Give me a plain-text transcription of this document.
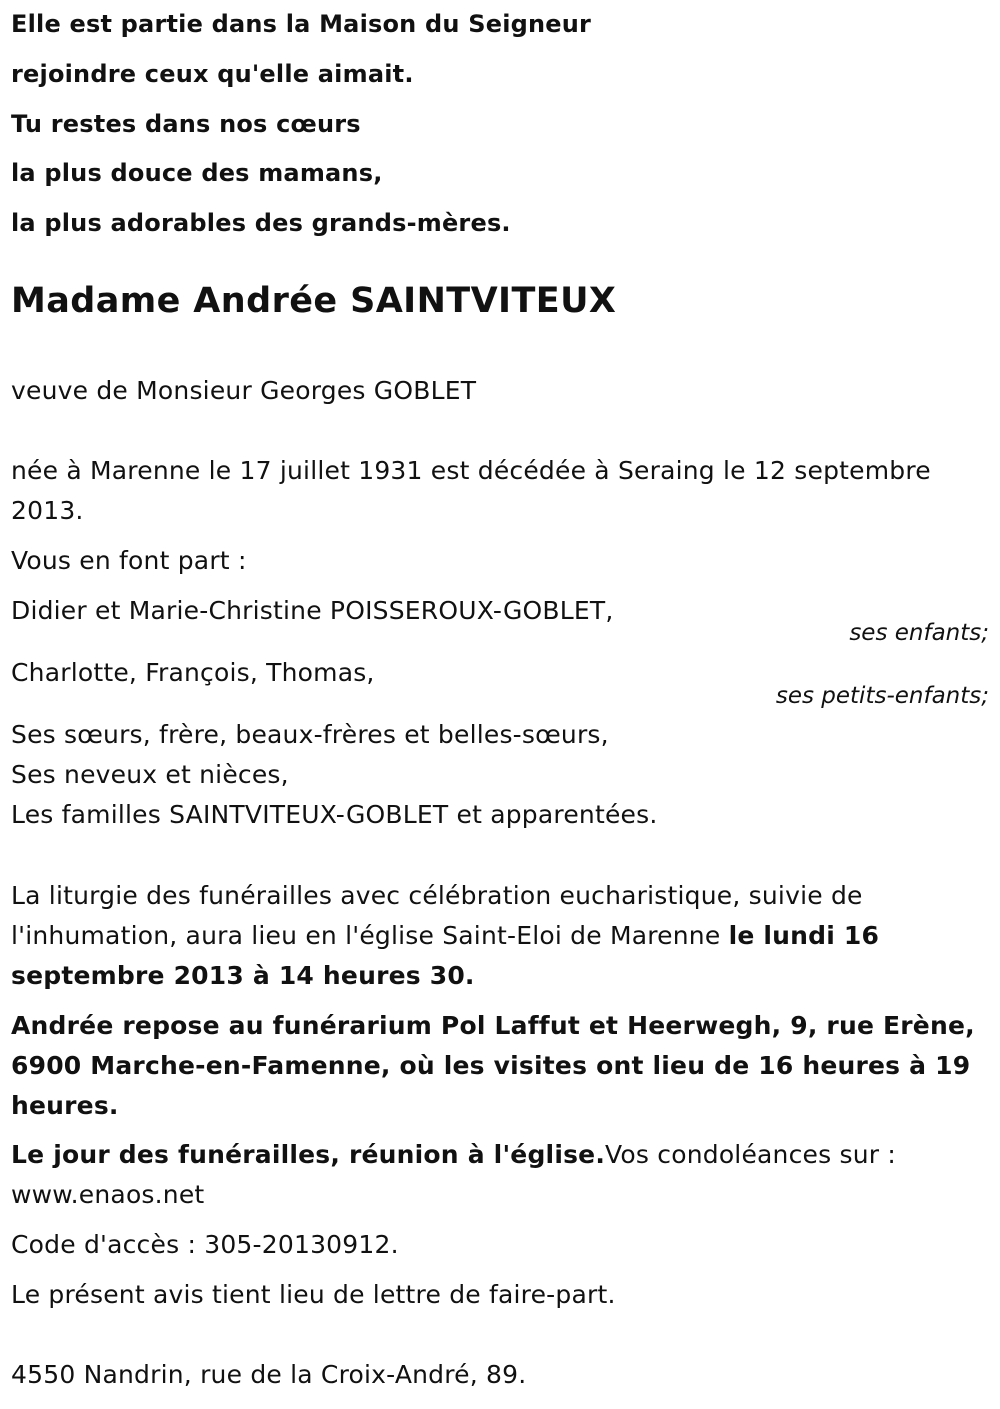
Elle est partie dans la Maison du Seigneur
rejoindre ceux qu'elle aimait.
Tu restes dans nos cœurs
la plus douce des mamans,
la plus adorables des grands-mères.
Madame Andrée SAINTVITEUX
veuve de Monsieur Georges GOBLET
née à Marenne le 17 juillet 1931 est décédée à Seraing le 12 septembre
2013.
Vous en font part :
Didier et Marie-Christine POISSEROUX-GOBLET,
ses enfants;
Charlotte, François, Thomas,
ses petits-enfants;
Ses sœurs, frère, beaux-frères et belles-sœurs,
Ses neveux et nièces,
Les familles SAINTVITEUX-GOBLET et apparentées.
La liturgie des funérailles avec célébration eucharistique, suivie de
l'inhumation, aura lieu en l'église Saint-Eloi de Marenne le lundi 16
septembre 2013 à 14 heures 30.
Andrée repose au funérarium Pol Laffut et Heerwegh, 9, rue Erène,
6900 Marche-en-Famenne, où les visites ont lieu de 16 heures à 19
heures.
Le jour des funérailles, réunion à l'église.Vos condoléances sur :
www.enaos.net
Code d'accès : 305-20130912.
Le présent avis tient lieu de lettre de faire-part.
4550 Nandrin, rue de la Croix-André, 89.
